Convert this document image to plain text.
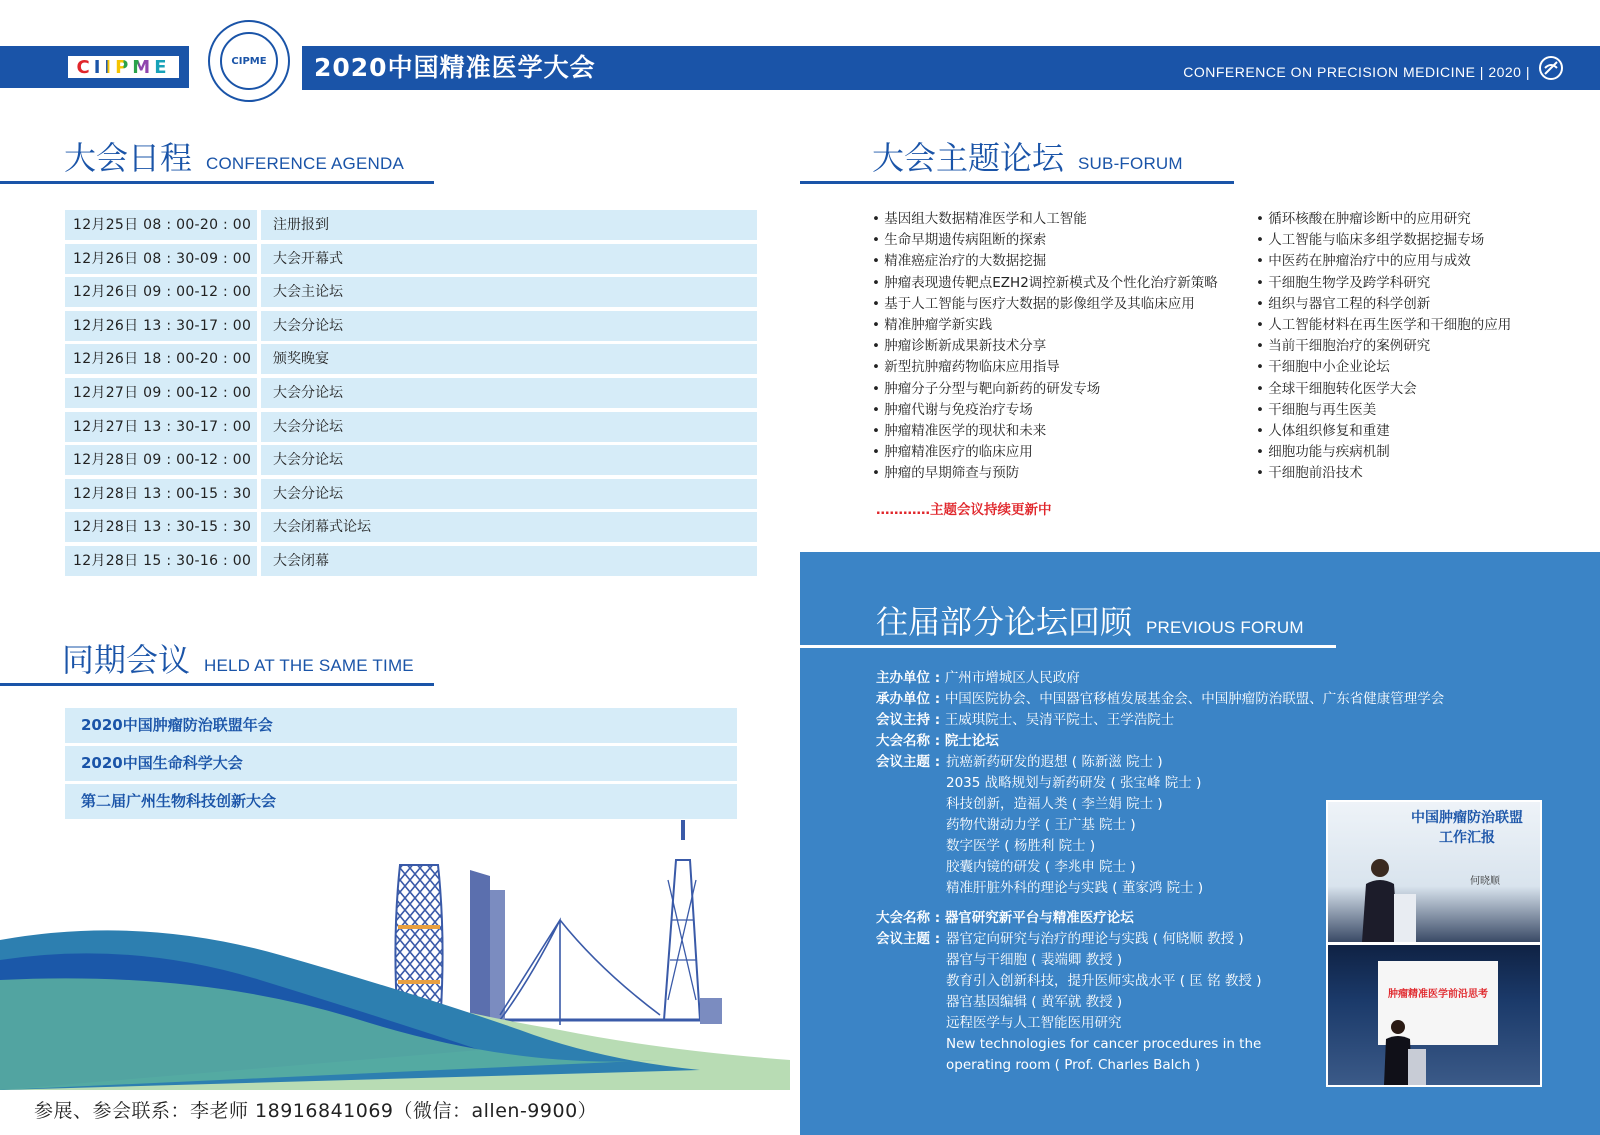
CIIPME	CIPME	2020中国精准医学大会	CONFERENCE ON PRECISION MEDICINE | 2020 |
大会日程 CONFERENCE AGENDA
12月25日 08 : 00-20 : 00	注册报到
12月26日 08 : 30-09 : 00	大会开幕式
12月26日 09 : 00-12 : 00	大会主论坛
12月26日 13 : 30-17 : 00	大会分论坛
12月26日 18 : 00-20 : 00	颁奖晚宴
12月27日 09 : 00-12 : 00	大会分论坛
12月27日 13 : 30-17 : 00	大会分论坛
12月28日 09 : 00-12 : 00	大会分论坛
12月28日 13 : 00-15 : 30	大会分论坛
12月28日 13 : 30-15 : 30	大会闭幕式论坛
12月28日 15 : 30-16 : 00	大会闭幕
同期会议 HELD AT THE SAME TIME
2020中国肿瘤防治联盟年会
2020中国生命科学大会
第二届广州生物科技创新大会
参展、参会联系：李老师 18916841069（微信：allen-9900）
大会主题论坛 SUB-FORUM
• 基因组大数据精准医学和人工智能
• 生命早期遗传病阻断的探索
• 精准癌症治疗的大数据挖掘
• 肿瘤表现遗传靶点EZH2调控新模式及个性化治疗新策略
• 基于人工智能与医疗大数据的影像组学及其临床应用
• 精准肿瘤学新实践
• 肿瘤诊断新成果新技术分享
• 新型抗肿瘤药物临床应用指导
• 肿瘤分子分型与靶向新药的研发专场
• 肿瘤代谢与免疫治疗专场
• 肿瘤精准医学的现状和未来
• 肿瘤精准医疗的临床应用
• 肿瘤的早期筛查与预防
• 循环核酸在肿瘤诊断中的应用研究
• 人工智能与临床多组学数据挖掘专场
• 中医药在肿瘤治疗中的应用与成效
• 干细胞生物学及跨学科研究
• 组织与器官工程的科学创新
• 人工智能材料在再生医学和干细胞的应用
• 当前干细胞治疗的案例研究
• 干细胞中小企业论坛
• 全球干细胞转化医学大会
• 干细胞与再生医美
• 人体组织修复和重建
• 细胞功能与疾病机制
• 干细胞前沿技术
…………主题会议持续更新中
往届部分论坛回顾 PREVIOUS FORUM
主办单位 : 广州市增城区人民政府
承办单位 : 中国医院协会、中国器官移植发展基金会、中国肿瘤防治联盟、广东省健康管理学会
会议主持 : 王威琪院士、吴清平院士、王学浩院士
大会名称 : 院士论坛
会议主题 : 抗癌新药研发的遐想 ( 陈新滋 院士 )
2035 战略规划与新药研发 ( 张宝峰 院士 )
科技创新，造福人类 ( 李兰娟 院士 )
药物代谢动力学 ( 王广基 院士 )
数字医学 ( 杨胜利 院士 )
胶囊内镜的研发 ( 李兆申 院士 )
精准肝脏外科的理论与实践 ( 董家鸿 院士 )
大会名称 : 器官研究新平台与精准医疗论坛
会议主题 : 器官定向研究与治疗的理论与实践 ( 何晓顺 教授 )
器官与干细胞 ( 裴端卿 教授 )
教育引入创新科技，提升医师实战水平 ( 匡 铭 教授 )
器官基因编辑 ( 黄军就 教授 )
远程医学与人工智能医用研究
New technologies for cancer procedures in the
operating room ( Prof. Charles Balch )
中国肿瘤防治联盟工作汇报
何晓顺
肿瘤精准医学前沿思考
